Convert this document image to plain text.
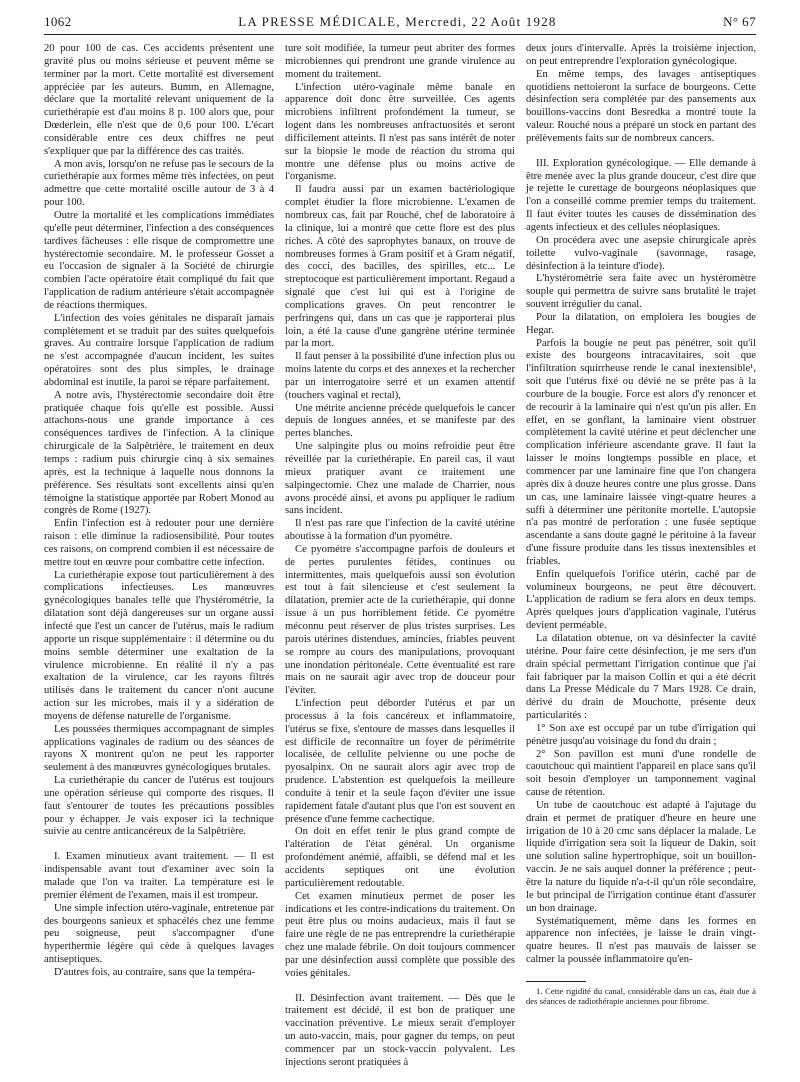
1062	LA PRESSE MÉDICALE, Mercredi, 22 Août 1928	N° 67

20 pour 100 de cas. Ces accidents présentent une gravité plus ou moins sérieuse et peuvent même se terminer par la mort. Cette mortalité est diversement appréciée par les auteurs. Bumm, en Allemagne, déclare que la mortalité relevant uniquement de la curiethérapie est d'au moins 8 p. 100 alors que, pour Dœderlein, elle n'est que de 0,6 pour 100. L'écart considérable entre ces deux chiffres ne peut s'expliquer que par la différence des cas traités.

A mon avis, lorsqu'on ne refuse pas le secours de la curiethérapie aux formes même très infectées, on peut admettre que cette mortalité oscille autour de 3 à 4 pour 100.

Outre la mortalité et les complications immédiates qu'elle peut déterminer, l'infection a des conséquences tardives fâcheuses : elle risque de compromettre une hystérectomie secondaire. M. le professeur Gosset a eu l'occasion de signaler à la Société de chirurgie combien l'acte opératoire était compliqué du fait que l'application de radium antérieure s'était accompagnée de réactions thermiques.

L'infection des voies génitales ne disparaît jamais complètement et se traduit par des suites quelquefois graves. Au contraire lorsque l'application de radium ne s'est accompagnée d'aucun incident, les suites opératoires sont des plus simples, le drainage abdominal est inutile, la paroi se répare parfaitement.

A notre avis, l'hystérectomie secondaire doit être pratiquée chaque fois qu'elle est possible. Aussi attachons-nous une grande importance à ces conséquences tardives de l'infection. A la clinique chirurgicale de la Salpêtrière, le traitement en deux temps : radium puis chirurgie cinq à six semaines après, est la technique à laquelle nous donnons la préférence. Ses résultats sont excellents ainsi qu'en témoigne la statistique apportée par Robert Monod au congrès de Rome (1927).

Enfin l'infection est à redouter pour une dernière raison : elle diminue la radiosensibilité. Pour toutes ces raisons, on comprend combien il est nécessaire de mettre tout en œuvre pour combattre cette infection.

La curiethérapie expose tout particulièrement à des complications infectieuses. Les manœuvres gynécologiques banales telle que l'hystérométrie, la dilatation sont déjà dangereuses sur un organe aussi infecté que l'est un cancer de l'utérus, mais le radium apporte un risque supplémentaire : il détermine ou du moins semble déterminer une exaltation de la virulence microbienne. En réalité il n'y a pas exaltation de la virulence, car les rayons filtrés utilisés dans le traitement du cancer n'ont aucune action sur les microbes, mais il y a sidération de moyens de défense naturelle de l'organisme.

Les poussées thermiques accompagnant de simples applications vaginales de radium ou des séances de rayons X montrent qu'on ne peut les rapporter seulement à des manœuvres gynécologiques brutales.

La curiethérapie du cancer de l'utérus est toujours une opération sérieuse qui comporte des risques. Il faut s'entourer de toutes les précautions possibles pour y échapper. Je vais exposer ici la technique suivie au centre anticancéreux de la Salpêtrière.

I. Examen minutieux avant traitement. — Il est indispensable avant tout d'examiner avec soin la malade que l'on va traiter. La température est le premier élément de l'examen, mais il est trompeur.

Une simple infection utéro-vaginale, entretenue par des bourgeons sanieux et sphacélés chez une femme peu soigneuse, peut s'accompagner d'une hyperthermie légère qui cède à quelques lavages antiseptiques.

D'autres fois, au contraire, sans que la tempéra-

ture soit modifiée, la tumeur peut abriter des formes microbiennes qui prendront une grande virulence au moment du traitement.

L'infection utéro-vaginale même banale en apparence doit donc être surveillée. Ces agents microbiens infiltrent profondément la tumeur, se logent dans les nombreuses anfractuosités et seront difficilement atteints. Il n'est pas sans intérêt de noter sur la biopsie le mode de réaction du stroma qui montre une défense plus ou moins active de l'organisme.

Il faudra aussi par un examen bactériologique complet étudier la flore microbienne. L'examen de nombreux cas, fait par Rouché, chef de laboratoire à la clinique, lui a montré que cette flore est des plus riches. A côté des saprophytes banaux, on trouve de nombreuses formes à Gram positif et à Gram négatif, des cocci, des bacilles, des spirilles, etc... Le streptocoque est particulièrement important. Regaud a signalé que c'est lui qui est à l'origine de complications graves. On peut rencontrer le perfringens qui, dans un cas que je rapporterai plus loin, a été la cause d'une gangrène utérine terminée par la mort.

Il faut penser à la possibilité d'une infection plus ou moins latente du corps et des annexes et la rechercher par un interrogatoire serré et un examen attentif (touchers vaginal et rectal),

Une métrite ancienne précède quelquefois le cancer depuis de longues années, et se manifeste par des pertes blanches.

Une salpingite plus ou moins refroidie peut être réveillée par la curiethérapie. En pareil cas, il vaut mieux pratiquer avant ce traitement une salpingectomie. Chez une malade de Charrier, nous avons procédé ainsi, et avons pu appliquer le radium sans incident.

Il n'est pas rare que l'infection de la cavité utérine aboutisse à la formation d'un pyométre.

Ce pyométre s'accompagne parfois de douleurs et de pertes purulentes fétides, continues ou intermittentes, mais quelquefois aussi son évolution est tout à fait silencieuse et c'est seulement la dilatation, premier acte de la curiethérapie, qui donne issue à un pus horriblement fétide. Ce pyométre méconnu peut réserver de plus tristes surprises. Les parois utérines distendues, amincies, friables peuvent se rompre au cours des manipulations, provoquant une inondation péritonéale. Cette éventualité est rare mais on ne saurait agir avec trop de douceur pour l'éviter.

L'infection peut déborder l'utérus et par un processus à la fois cancéreux et inflammatoire, l'utérus se fixe, s'entoure de masses dans lesquelles il est difficile de reconnaître un foyer de périmétrite localisée, de cellulite pelvienne ou une poche de pyosalpinx. On ne saurait alors agir avec trop de prudence. L'abstention est quelquefois la meilleure conduite à tenir et la seule façon d'éviter une issue rapidement fatale d'autant plus que l'on est souvent en présence d'une femme cachectique.

On doit en effet tenir le plus grand compte de l'altération de l'état général. Un organisme profondément anémié, affaibli, se défend mal et les accidents septiques ont une évolution particulièrement redoutable.

Cet examen minutieux permet de poser les indications et les contre-indications du traitement. On peut être plus ou moins audacieux, mais il faut se faire une règle de ne pas entreprendre la curiethérapie chez une malade fébrile. On doit toujours commencer par une désinfection aussi complète que possible des voies génitales.

II. Désinfection avant traitement. — Dès que le traitement est décidé, il est bon de pratiquer une vaccination préventive. Le mieux serait d'employer un auto-vaccin, mais, pour gagner du temps, on peut commencer par un stock-vaccin polyvalent. Les injections seront pratiquées à

deux jours d'intervalle. Après la troisième injection, on peut entreprendre l'exploration gynécologique.

En même temps, des lavages antiseptiques quotidiens nettoieront la surface de bourgeons. Cette désinfection sera complétée par des pansements aux bouillons-vaccins dont Besredka a montré toute la valeur. Rouché nous a préparé un stock en partant des prélèvements faits sur de nombreux cancers.

III. Exploration gynécologique. — Elle demande à être menée avec la plus grande douceur, c'est dire que je rejette le curettage de bourgeons néoplasiques que l'on a conseillé comme premier temps du traitement. Il faut éviter toutes les causes de dissémination des agents infectieux et des cellules néoplasiques.

On procédera avec une asepsie chirurgicale après toilette vulvo-vaginale (savonnage, rasage, désinfection à la teinture d'iode).

L'hystérométrie sera faite avec un hystéromètre souple qui permettra de suivre sans brutalité le trajet souvent irrégulier du canal.

Pour la dilatation, on emploiera les bougies de Hegar.

Parfois la bougie ne peut pas pénétrer, soit qu'il existe des bourgeons intracavitaires, soit que l'infiltration squirrheuse rende le canal inextensible¹, soit que l'utérus fixé ou dévié ne se prête pas à la courbure de la bougie. Force est alors d'y renoncer et de recourir à la laminaire qui n'est qu'un pis aller. En effet, en se gonflant, la laminaire vient obstruer complètement la cavité utérine et peut déclencher une complication inférieure ascendante grave. Il faut la laisser le moins longtemps possible en place, et commencer par une laminaire fine que l'on changera après dix à douze heures contre une plus grosse. Dans un cas, une laminaire laissée vingt-quatre heures a suffi à déterminer une péritonite mortelle. L'autopsie n'a pas montré de perforation : une fusée septique ascendante a sans doute gagné le péritoine à la faveur d'une fissure produite dans les tissus inextensibles et friables.

Enfin quelquefois l'orifice utérin, caché par de volumineux bourgeons, ne peut être découvert. L'application de radium se fera alors en deux temps. Après quelques jours d'application vaginale, l'utérus devient perméable.

La dilatation obtenue, on va désinfecter la cavité utérine. Pour faire cette désinfection, je me sers d'un drain spécial permettant l'irrigation continue que j'ai fait fabriquer par la maison Collin et qui a été décrit dans La Presse Médicale du 7 Mars 1928. Ce drain, dérivé du drain de Mouchotte, présente deux particularités :

1° Son axe est occupé par un tube d'irrigation qui pénètre jusqu'au voisinage du fond du drain ;

2° Son pavillon est muni d'une rondelle de caoutchouc qui maintient l'appareil en place sans qu'il soit besoin d'employer un tamponnement vaginal cause de rétention.

Un tube de caoutchouc est adapté à l'ajutage du drain et permet de pratiquer d'heure en heure une irrigation de 10 à 20 cmc sans déplacer la malade. Le liquide d'irrigation sera soit la liqueur de Dakin, soit une solution saline hypertrophique, soit un bouillon-vaccin. Je ne sais auquel donner la préférence ; peut-être la nature du liquide n'a-t-il qu'un rôle secondaire, le but principal de l'irrigation continue étant d'assurer un bon drainage.

Systématiquement, même dans les formes en apparence non infectées, je laisse le drain vingt-quatre heures. Il n'est pas mauvais de laisser se calmer la poussée inflammatoire qu'en-

1. Cette rigidité du canal, considérable dans un cas, était due à des séances de radiothérapie anciennes pour fibrome.
